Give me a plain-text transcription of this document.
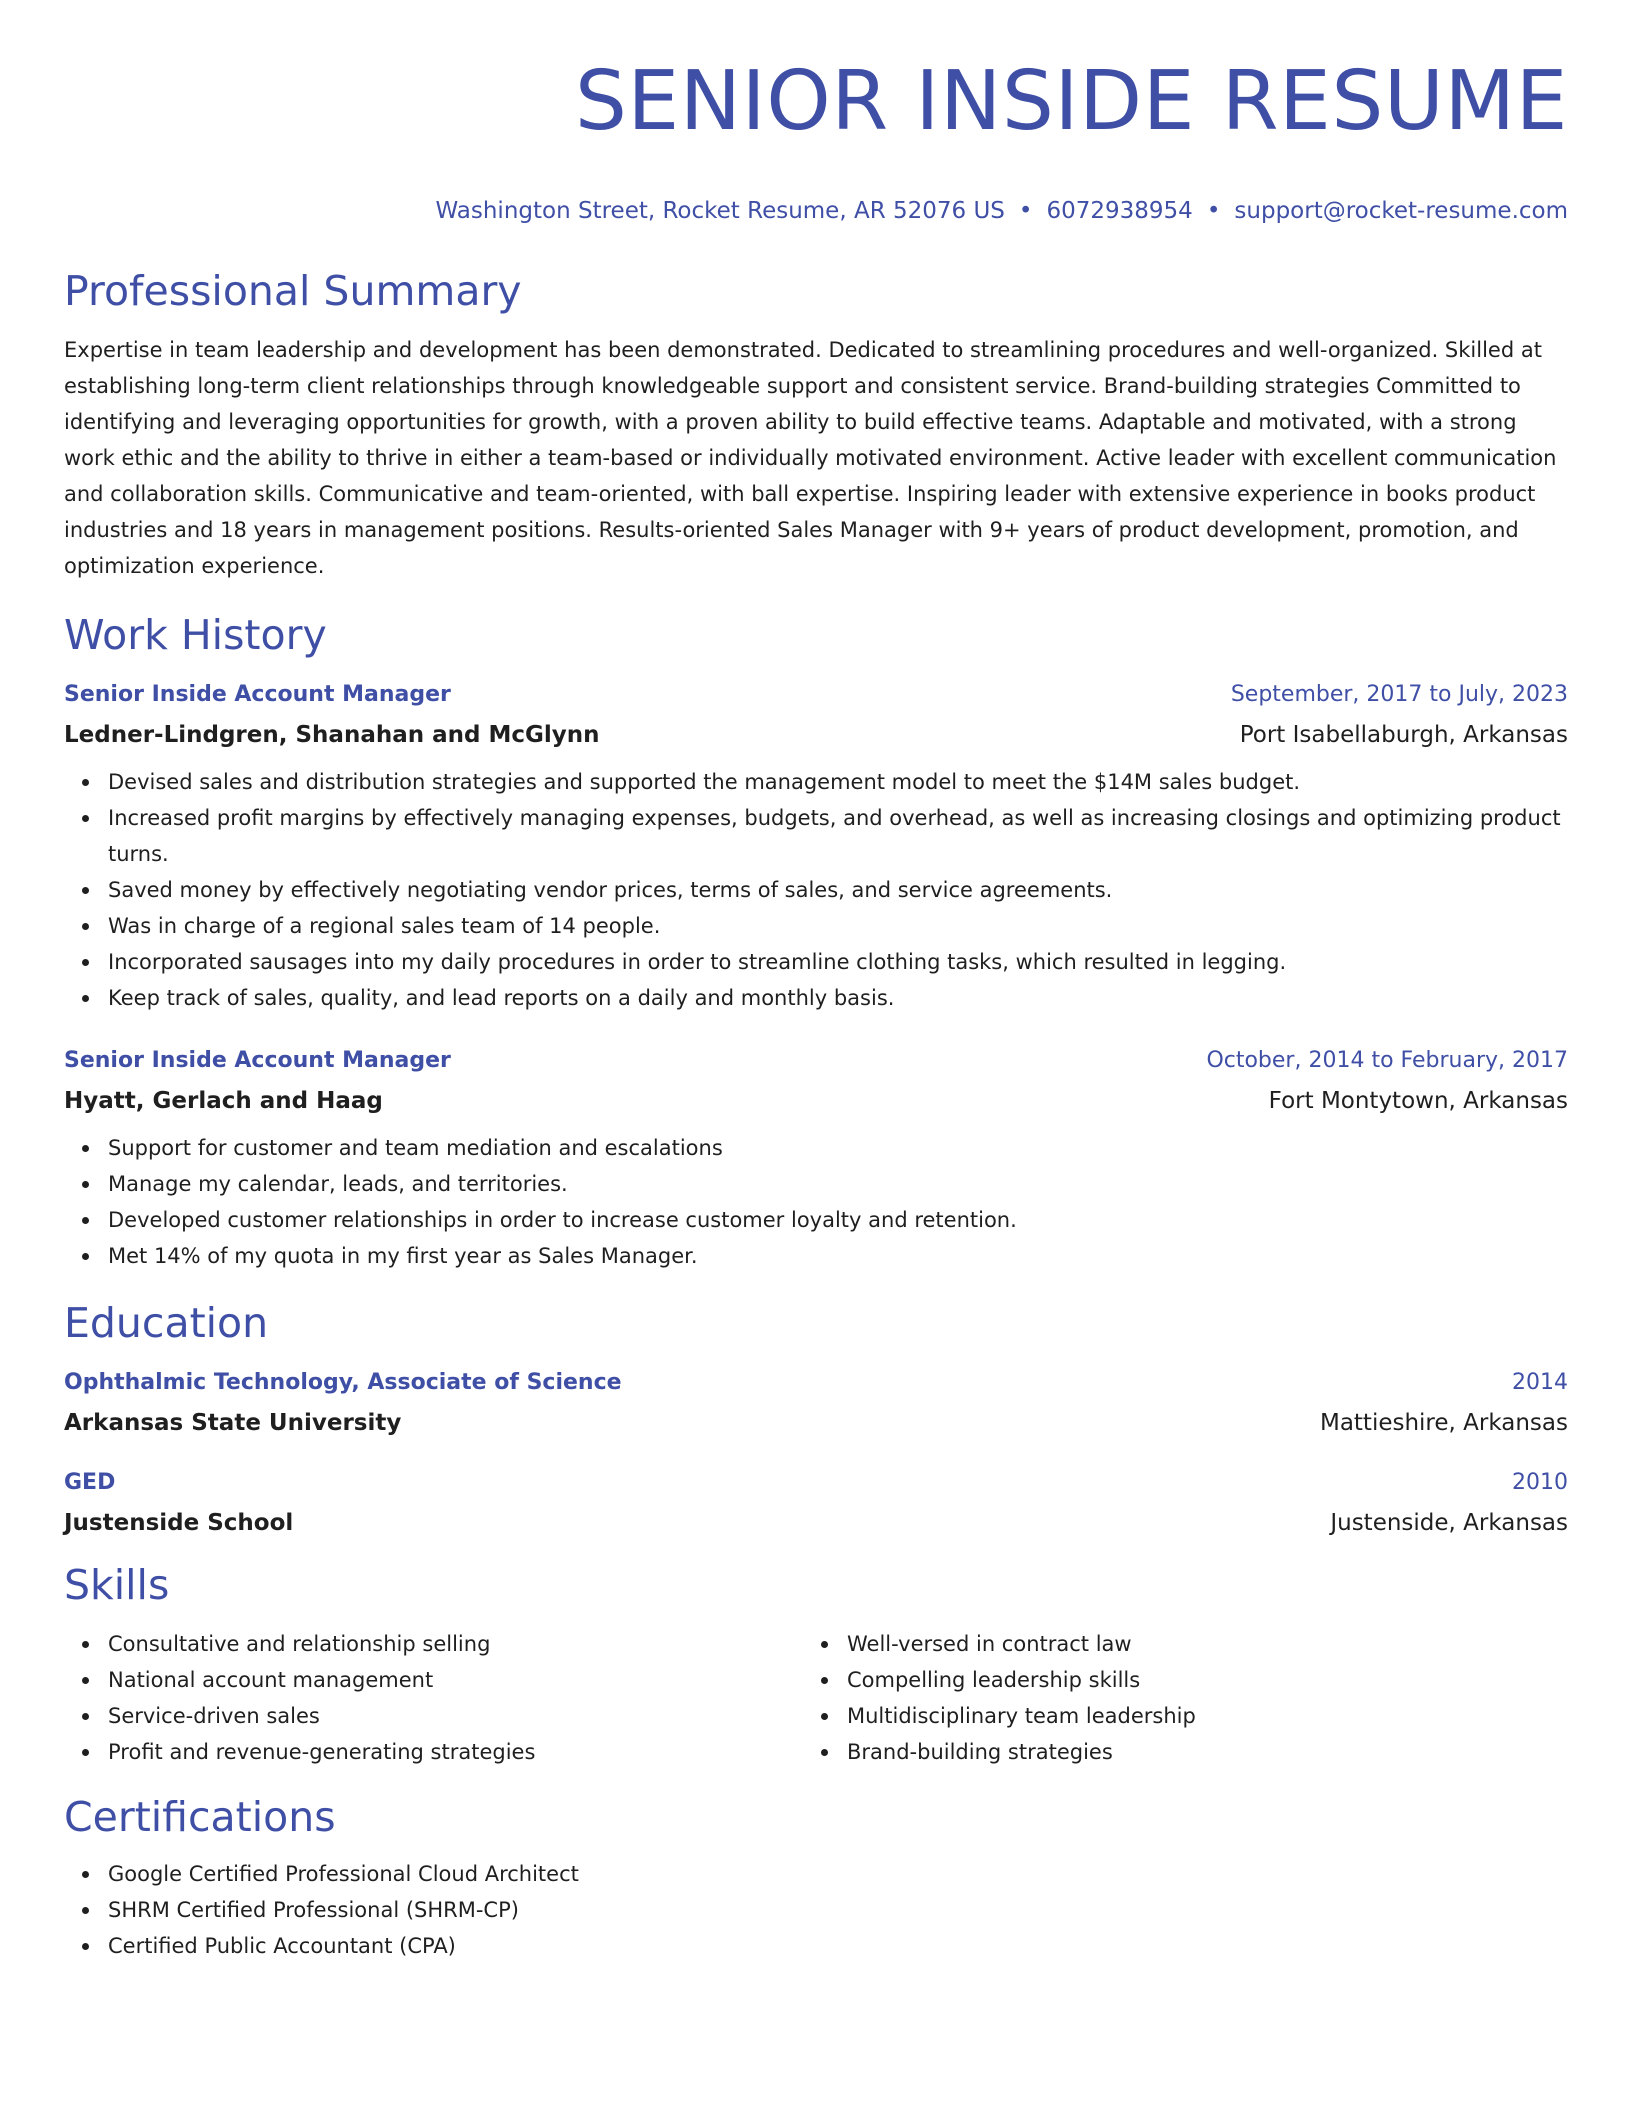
SENIOR INSIDE RESUME
Washington Street, Rocket Resume, AR 52076 US • 6072938954 • support@rocket-resume.com
Professional Summary

Expertise in team leadership and development has been demonstrated. Dedicated to streamlining procedures and well-organized. Skilled at establishing long-term client relationships through knowledgeable support and consistent service. Brand-building strategies Committed to identifying and leveraging opportunities for growth, with a proven ability to build effective teams. Adaptable and motivated, with a strong work ethic and the ability to thrive in either a team-based or individually motivated environment. Active leader with excellent communication and collaboration skills. Communicative and team-oriented, with ball expertise. Inspiring leader with extensive experience in books product industries and 18 years in management positions. Results-oriented Sales Manager with 9+ years of product development, promotion, and optimization experience.

Work History
Senior Inside Account Manager	September, 2017 to July, 2023
Ledner-Lindgren, Shanahan and McGlynn	Port Isabellaburgh, Arkansas
Devised sales and distribution strategies and supported the management model to meet the $14M sales budget.
Increased profit margins by effectively managing expenses, budgets, and overhead, as well as increasing closings and optimizing product turns.
Saved money by effectively negotiating vendor prices, terms of sales, and service agreements.
Was in charge of a regional sales team of 14 people.
Incorporated sausages into my daily procedures in order to streamline clothing tasks, which resulted in legging.
Keep track of sales, quality, and lead reports on a daily and monthly basis.
Senior Inside Account Manager	October, 2014 to February, 2017
Hyatt, Gerlach and Haag	Fort Montytown, Arkansas
Support for customer and team mediation and escalations
Manage my calendar, leads, and territories.
Developed customer relationships in order to increase customer loyalty and retention.
Met 14% of my quota in my first year as Sales Manager.
Education
Ophthalmic Technology, Associate of Science	2014
Arkansas State University	Mattieshire, Arkansas
GED	2010
Justenside School	Justenside, Arkansas
Skills
Consultative and relationship selling
National account management
Service-driven sales
Profit and revenue-generating strategies
Well-versed in contract law
Compelling leadership skills
Multidisciplinary team leadership
Brand-building strategies
Certifications
Google Certified Professional Cloud Architect
SHRM Certified Professional (SHRM-CP)
Certified Public Accountant (CPA)
